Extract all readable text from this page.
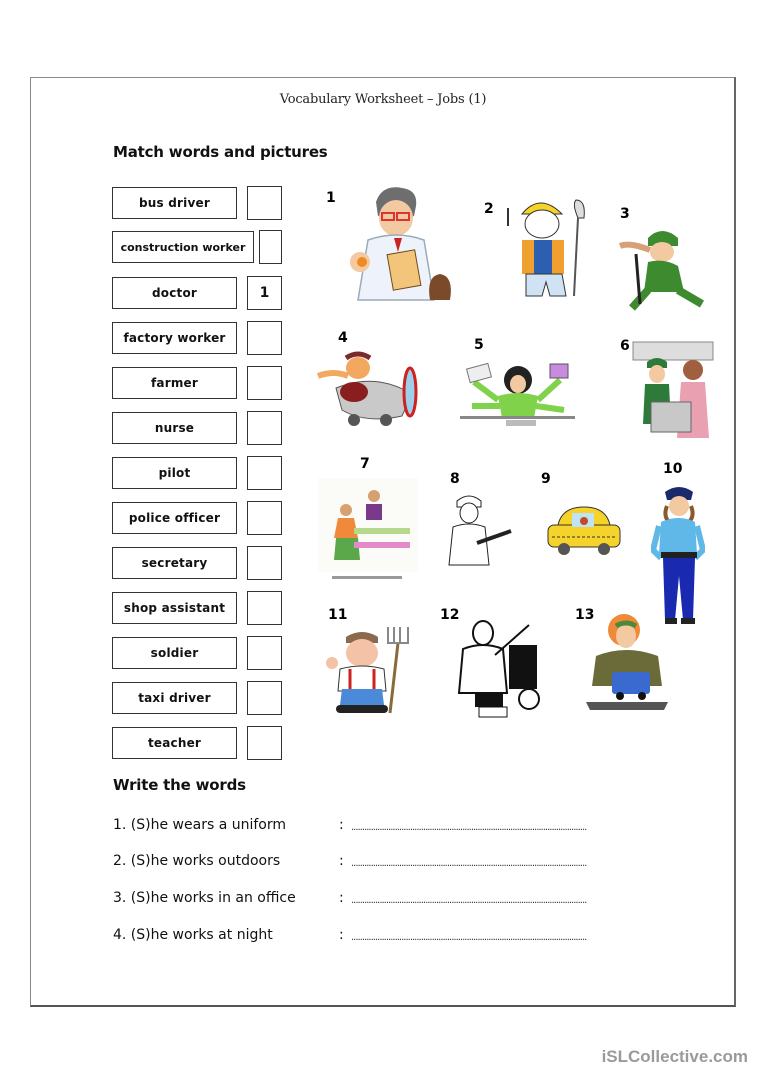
Vocabulary Worksheet – Jobs (1)
Match words and pictures
bus driver
construction worker
doctor	1
factory worker
farmer
nurse
pilot
police officer
secretary
shop assistant
soldier
taxi driver
teacher
1
2	3
4	5	6
7
8	9
10
11	12	13
Write the words
1. (S)he wears a uniform	: ............................................................................................................
2. (S)he works outdoors	: ............................................................................................................
3. (S)he works in an office	: ............................................................................................................
4. (S)he works at night	: ............................................................................................................
iSLCollective.com
